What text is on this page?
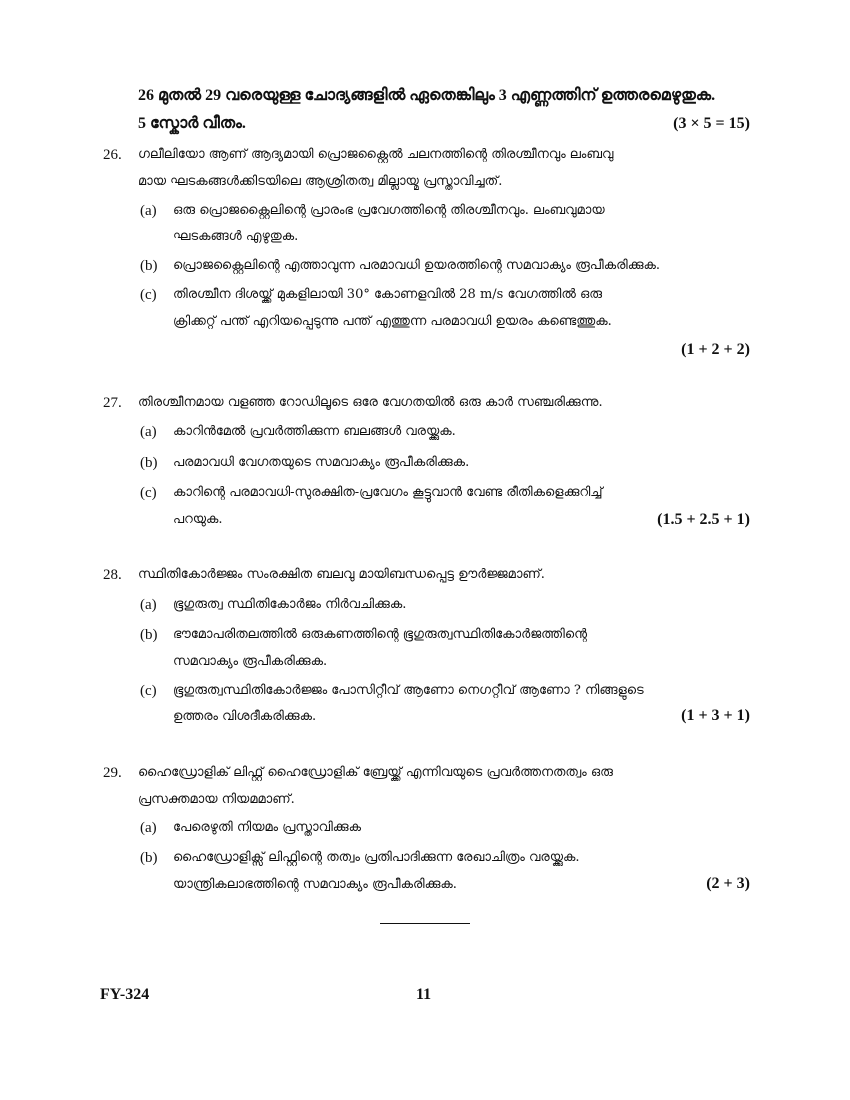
26 മുതൽ 29 വരെയുള്ള ചോദ്യങ്ങളിൽ ഏതെങ്കിലും 3 എണ്ണത്തിന് ഉത്തരമെഴുതുക.
5 സ്കോർ വീതം.	(3 × 5 = 15)
26. ഗലീലിയോ ആണ് ആദ്യമായി പ്രൊജക്റ്റൈൽ ചലനത്തിന്റെ തിരശ്ചീനവും ലംബവു
മായ ഘടകങ്ങൾക്കിടയിലെ ആശ്രിതത്വ മില്ലായ്മ പ്രസ്താവിച്ചത്.
(a) ഒരു പ്രൊജക്റ്റൈലിന്റെ പ്രാരംഭ പ്രവേഗത്തിന്റെ തിരശ്ചീനവും. ലംബവുമായ
ഘടകങ്ങൾ എഴുതുക.
(b) പ്രൊജക്റ്റൈലിന്റെ എത്താവുന്ന പരമാവധി ഉയരത്തിന്റെ സമവാക്യം രൂപീകരിക്കുക.
(c) തിരശ്ചീന ദിശയ്ക്ക് മുകളിലായി 30° കോണളവിൽ 28 m/s വേഗത്തിൽ ഒരു
ക്രിക്കറ്റ് പന്ത് എറിയപ്പെടുന്നു പന്ത് എത്തുന്ന പരമാവധി ഉയരം കണ്ടെത്തുക.
(1 + 2 + 2)
27. തിരശ്ചീനമായ വളഞ്ഞ റോഡിലൂടെ ഒരേ വേഗതയിൽ ഒരു കാർ സഞ്ചരിക്കുന്നു.
(a) കാറിൻമേൽ പ്രവർത്തിക്കുന്ന ബലങ്ങൾ വരയ്ക്കുക.
(b) പരമാവധി വേഗതയുടെ സമവാക്യം രൂപീകരിക്കുക.
(c) കാറിന്റെ പരമാവധി-സുരക്ഷിത-പ്രവേഗം കൂട്ടുവാൻ വേണ്ട രീതികളെക്കുറിച്ച്
പറയുക.	(1.5 + 2.5 + 1)
28. സ്ഥിതികോർജ്ജം സംരക്ഷിത ബലവു മായിബന്ധപ്പെട്ട ഊർജ്ജമാണ്.
(a) ഭൂഗുരുത്വ സ്ഥിതികോർജം നിർവചിക്കുക.
(b) ഭൗമോപരിതലത്തിൽ ഒരുകണത്തിന്റെ ഭൂഗുരുത്വസ്ഥിതികോർജത്തിന്റെ
സമവാക്യം രൂപീകരിക്കുക.
(c) ഭൂഗുരുത്വസ്ഥിതികോർജ്ജം പോസിറ്റീവ് ആണോ നെഗറ്റീവ് ആണോ ? നിങ്ങളുടെ
ഉത്തരം വിശദീകരിക്കുക.	(1 + 3 + 1)
29. ഹൈഡ്രോളിക് ലിഫ്റ്റ് ഹൈഡ്രോളിക് ബ്രേയ്ക്ക് എന്നിവയുടെ പ്രവർത്തനതത്വം ഒരു
പ്രസക്തമായ നിയമമാണ്.
(a) പേരെഴുതി നിയമം പ്രസ്താവിക്കുക
(b) ഹൈഡ്രോളിക്സ് ലിഫ്റ്റിന്റെ തത്വം പ്രതിപാദിക്കുന്ന രേഖാചിത്രം വരയ്ക്കുക.
യാന്ത്രികലാഭത്തിന്റെ സമവാക്യം രൂപീകരിക്കുക.	(2 + 3)
FY-324	11
